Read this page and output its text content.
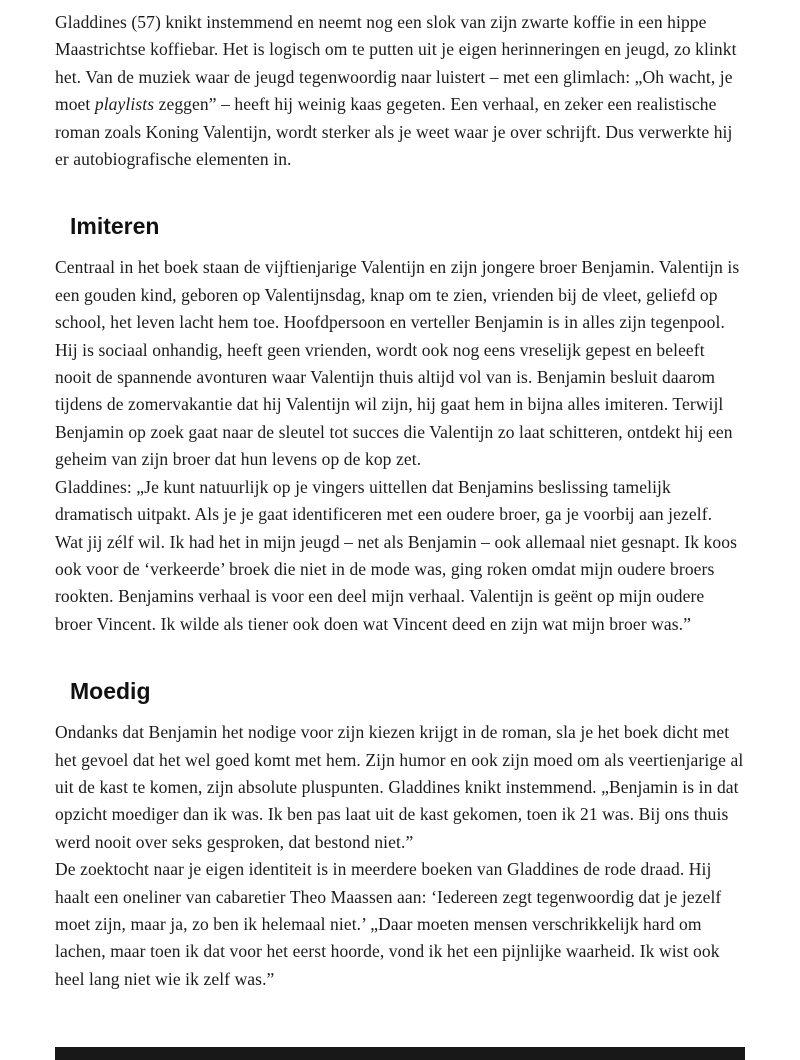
Gladdines (57) knikt instemmend en neemt nog een slok van zijn zwarte koffie in een hippe Maastrichtse koffiebar. Het is logisch om te putten uit je eigen herinneringen en jeugd, zo klinkt het. Van de muziek waar de jeugd tegenwoordig naar luistert – met een glimlach: „Oh wacht, je moet playlists zeggen” – heeft hij weinig kaas gegeten. Een verhaal, en zeker een realistische roman zoals Koning Valentijn, wordt sterker als je weet waar je over schrijft. Dus verwerkte hij er autobiografische elementen in.

Imiteren

Centraal in het boek staan de vijftienjarige Valentijn en zijn jongere broer Benjamin. Valentijn is een gouden kind, geboren op Valentijnsdag, knap om te zien, vrienden bij de vleet, geliefd op school, het leven lacht hem toe. Hoofdpersoon en verteller Benjamin is in alles zijn tegenpool. Hij is sociaal onhandig, heeft geen vrienden, wordt ook nog eens vreselijk gepest en beleeft nooit de spannende avonturen waar Valentijn thuis altijd vol van is. Benjamin besluit daarom tijdens de zomervakantie dat hij Valentijn wil zijn, hij gaat hem in bijna alles imiteren. Terwijl Benjamin op zoek gaat naar de sleutel tot succes die Valentijn zo laat schitteren, ontdekt hij een geheim van zijn broer dat hun levens op de kop zet.

Gladdines: „Je kunt natuurlijk op je vingers uittellen dat Benjamins beslissing tamelijk dramatisch uitpakt. Als je je gaat identificeren met een oudere broer, ga je voorbij aan jezelf. Wat jij zélf wil. Ik had het in mijn jeugd – net als Benjamin – ook allemaal niet gesnapt. Ik koos ook voor de ‘verkeerde’ broek die niet in de mode was, ging roken omdat mijn oudere broers rookten. Benjamins verhaal is voor een deel mijn verhaal. Valentijn is geënt op mijn oudere broer Vincent. Ik wilde als tiener ook doen wat Vincent deed en zijn wat mijn broer was.”

Moedig

Ondanks dat Benjamin het nodige voor zijn kiezen krijgt in de roman, sla je het boek dicht met het gevoel dat het wel goed komt met hem. Zijn humor en ook zijn moed om als veertienjarige al uit de kast te komen, zijn absolute pluspunten. Gladdines knikt instemmend. „Benjamin is in dat opzicht moediger dan ik was. Ik ben pas laat uit de kast gekomen, toen ik 21 was. Bij ons thuis werd nooit over seks gesproken, dat bestond niet.”

De zoektocht naar je eigen identiteit is in meerdere boeken van Gladdines de rode draad. Hij haalt een oneliner van cabaretier Theo Maassen aan: ‘Iedereen zegt tegenwoordig dat je jezelf moet zijn, maar ja, zo ben ik helemaal niet.’ „Daar moeten mensen verschrikkelijk hard om lachen, maar toen ik dat voor het eerst hoorde, vond ik het een pijnlijke waarheid. Ik wist ook heel lang niet wie ik zelf was.”
